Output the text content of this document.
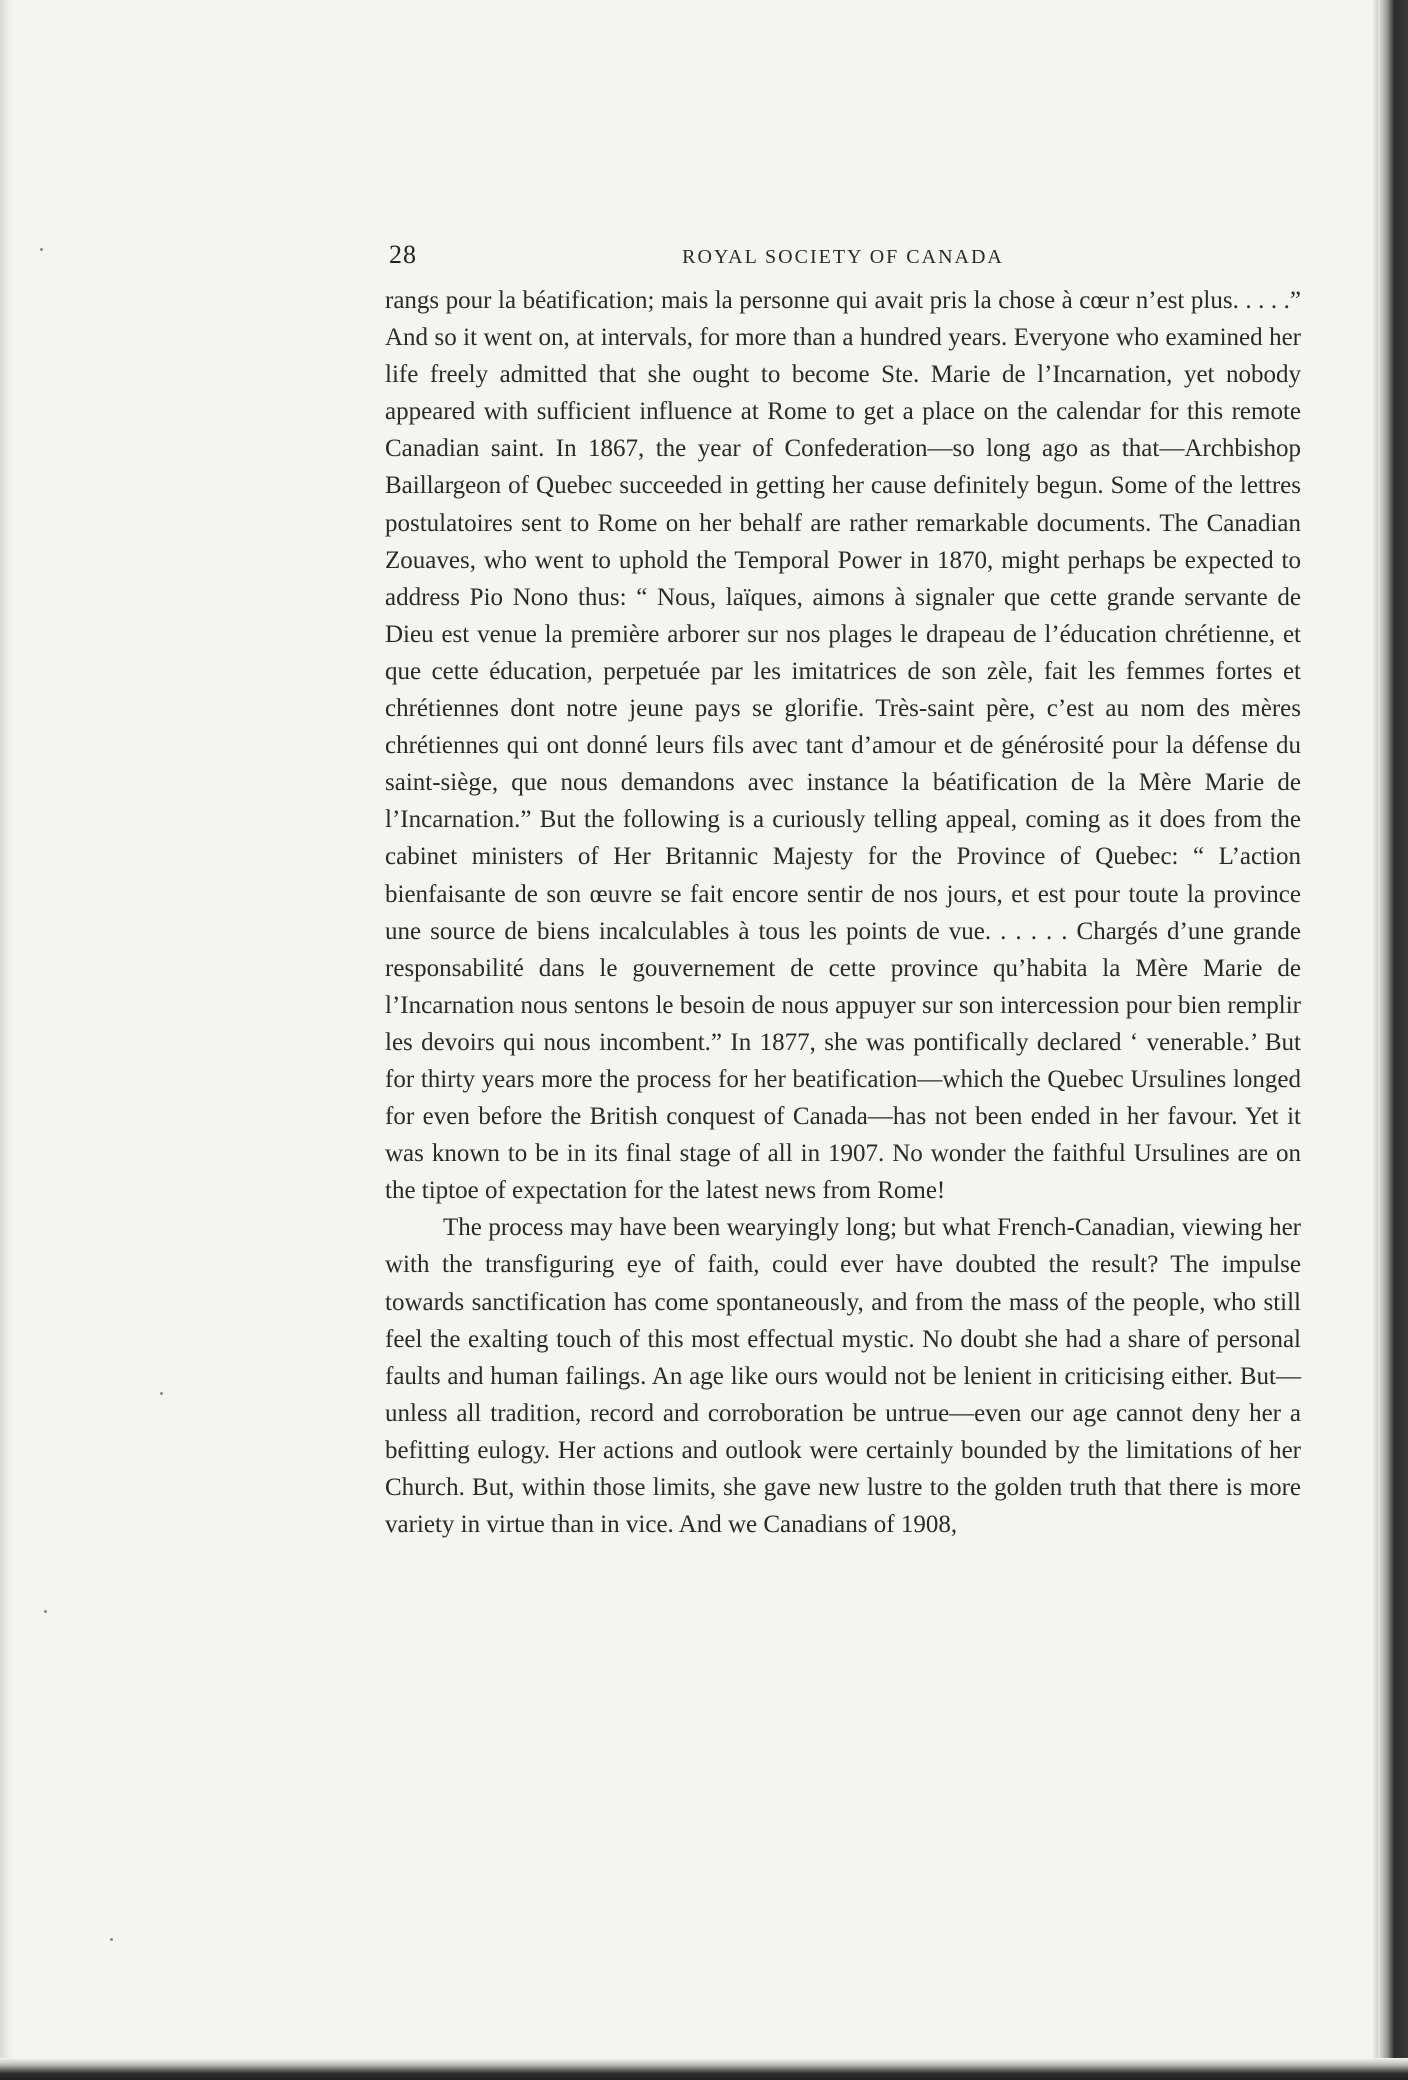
28	ROYAL SOCIETY OF CANADA

rangs pour la béatification; mais la personne qui avait pris la chose à cœur n’est plus. . . . .” And so it went on, at intervals, for more than a hundred years. Everyone who examined her life freely admitted that she ought to become Ste. Marie de l’Incarnation, yet nobody appeared with sufficient influence at Rome to get a place on the calendar for this remote Canadian saint. In 1867, the year of Confederation—so long ago as that—Archbishop Baillargeon of Quebec succeeded in getting her cause definitely begun. Some of the lettres postulatoires sent to Rome on her behalf are rather remarkable documents. The Canadian Zouaves, who went to uphold the Temporal Power in 1870, might perhaps be expected to address Pio Nono thus: “ Nous, laïques, aimons à signaler que cette grande servante de Dieu est venue la première arborer sur nos plages le drapeau de l’éducation chrétienne, et que cette éducation, perpetuée par les imitatrices de son zèle, fait les femmes fortes et chrétiennes dont notre jeune pays se glorifie. Très-saint père, c’est au nom des mères chrétiennes qui ont donné leurs fils avec tant d’amour et de générosité pour la défense du saint-siège, que nous demandons avec instance la béatification de la Mère Marie de l’Incarnation.” But the following is a curiously telling appeal, coming as it does from the cabinet ministers of Her Britannic Majesty for the Province of Quebec: “ L’action bienfaisante de son œuvre se fait encore sentir de nos jours, et est pour toute la province une source de biens incalculables à tous les points de vue. . . . . . Chargés d’une grande responsabilité dans le gouvernement de cette province qu’habita la Mère Marie de l’Incarnation nous sentons le besoin de nous appuyer sur son intercession pour bien remplir les devoirs qui nous incombent.” In 1877, she was pontifically declared ‘ venerable.’ But for thirty years more the process for her beatification—which the Quebec Ursulines longed for even before the British conquest of Canada—has not been ended in her favour. Yet it was known to be in its final stage of all in 1907. No wonder the faithful Ursulines are on the tiptoe of expectation for the latest news from Rome!

The process may have been wearyingly long; but what French-Canadian, viewing her with the transfiguring eye of faith, could ever have doubted the result? The impulse towards sanctification has come spontaneously, and from the mass of the people, who still feel the exalting touch of this most effectual mystic. No doubt she had a share of personal faults and human failings. An age like ours would not be lenient in criticising either. But—unless all tradition, record and corroboration be untrue—even our age cannot deny her a befitting eulogy. Her actions and outlook were certainly bounded by the limitations of her Church. But, within those limits, she gave new lustre to the golden truth that there is more variety in virtue than in vice. And we Canadians of 1908,
